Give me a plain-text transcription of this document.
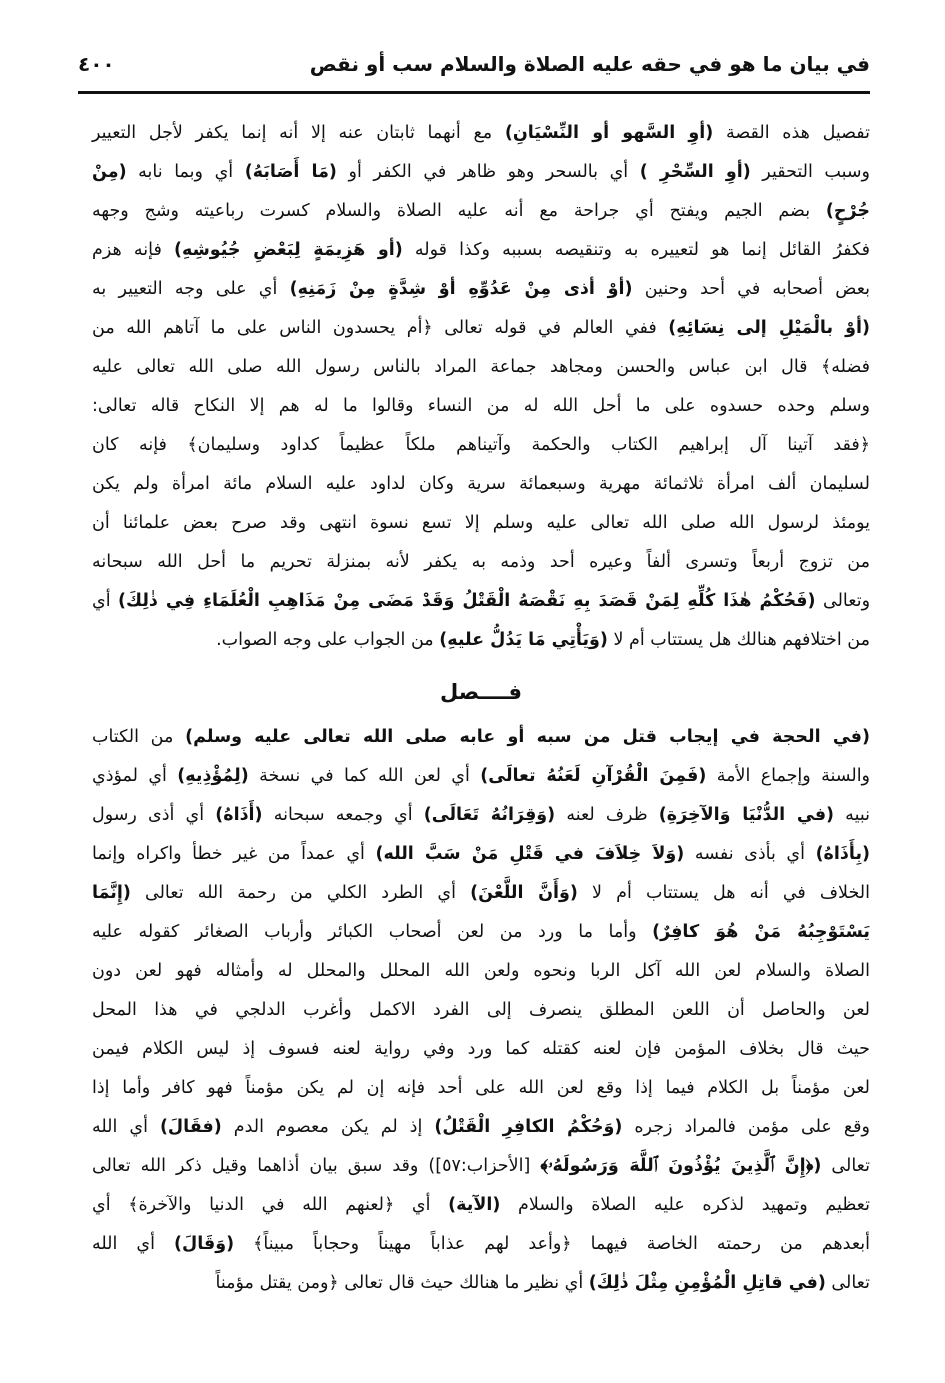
في بيان ما هو في حقه عليه الصلاة والسلام سب أو نقص
٤٠٠
تفصيل هذه القصة (أوِ السَّهو أو النِّسْيَانِ) مع أنهما ثابتان عنه إلا أنه إنما يكفر لأجل التعيير
وسبب التحقير (أوِ السِّحْرِ ) أي بالسحر وهو ظاهر في الكفر أو (مَا أَصَابَهُ) أي وبما نابه (مِنْ
جُرْحٍ) بضم الجيم ويفتح أي جراحة مع أنه عليه الصلاة والسلام كسرت رباعيته وشج وجهه
فكفرُ القائل إنما هو لتعييره به وتنقيصه بسببه وكذا قوله (أو هَزِيمَةٍ لِبَعْضِ جُيُوشِهِ) فإنه هزم
بعض أصحابه في أحد وحنين (أوْ أذى مِنْ عَدُوِّهِ أوْ شِدَّةٍ مِنْ زَمَنِهِ) أي على وجه التعيير به
(أوْ بالْمَيْلِ إلى نِسَائِهِ) ففي العالم في قوله تعالى ﴿أم يحسدون الناس على ما آتاهم الله من
فضله﴾ قال ابن عباس والحسن ومجاهد جماعة المراد بالناس رسول الله صلى الله تعالى عليه
وسلم وحده حسدوه على ما أحل الله له من النساء وقالوا ما له هم إلا النكاح قاله تعالى:
﴿فقد آتينا آل إبراهيم الكتاب والحكمة وآتيناهم ملكاً عظيماً كداود وسليمان﴾ فإنه كان
لسليمان ألف امرأة ثلاثمائة مهرية وسبعمائة سرية وكان لداود عليه السلام مائة امرأة ولم يكن
يومئذ لرسول الله صلى الله تعالى عليه وسلم إلا تسع نسوة انتهى وقد صرح بعض علمائنا أن
من تزوج أربعاً وتسرى ألفاً وعيره أحد وذمه به يكفر لأنه بمنزلة تحريم ما أحل الله سبحانه
وتعالى (فَحُكْمُ هٰذَا كُلِّهِ لِمَنْ قَصَدَ بِهِ نَقْصَهُ الْقَتْلُ وَقَدْ مَضَى مِنْ مَذَاهِبِ الْعُلَمَاءِ فِي ذٰلِكَ) أي
من اختلافهم هنالك هل يستتاب أم لا (وَيَأْتِي مَا يَدُلُّ عليهِ) من الجواب على وجه الصواب.
فــــصل
(في الحجة في إيجاب قتل من سبه أو عابه صلى الله تعالى عليه وسلم) من الكتاب
والسنة وإجماع الأمة (فَمِنَ الْقُرْآنِ لَعَنُهُ تعالَى) أي لعن الله كما في نسخة (لِمُؤْذِيهِ) أي لمؤذي
نبيه (في الدُّنْيَا وَالآخِرَةِ) ظرف لعنه (وَقِرَانُهُ تَعَالَى) أي وجمعه سبحانه (أَذَاهُ) أي أذى رسول
(بِأَذَاهُ) أي بأذى نفسه (وَلاَ خِلاَفَ في قَتْلِ مَنْ سَبَّ الله) أي عمداً من غير خطأ واكراه وإنما
الخلاف في أنه هل يستتاب أم لا (وَأَنَّ اللَّعْنَ) أي الطرد الكلي من رحمة الله تعالى (إِنَّمَا
يَسْتَوْجِبُهُ مَنْ هُوَ كافِرٌ) وأما ما ورد من لعن أصحاب الكبائر وأرباب الصغائر كقوله عليه
الصلاة والسلام لعن الله آكل الربا ونحوه ولعن الله المحلل والمحلل له وأمثاله فهو لعن دون
لعن والحاصل أن اللعن المطلق ينصرف إلى الفرد الاكمل وأغرب الدلجي في هذا المحل
حيث قال بخلاف المؤمن فإن لعنه كقتله كما ورد وفي رواية لعنه فسوف إذ ليس الكلام فيمن
لعن مؤمناً بل الكلام فيما إذا وقع لعن الله على أحد فإنه إن لم يكن مؤمناً فهو كافر وأما إذا
وقع على مؤمن فالمراد زجره (وَحُكْمُ الكافِرِ الْقَتْلُ) إذ لم يكن معصوم الدم (فقَالَ) أي الله
تعالى (﴿إِنَّ ٱلَّذِينَ يُؤْذُونَ ٱللَّهَ وَرَسُولَهُۥ﴾ [الأحزاب:٥٧]) وقد سبق بيان أذاهما وقيل ذكر الله تعالى
تعظيم وتمهيد لذكره عليه الصلاة والسلام (الآية) أي ﴿لعنهم الله في الدنيا والآخرة﴾ أي
أبعدهم من رحمته الخاصة فيهما ﴿وأعد لهم عذاباً مهيناً وحجاباً مبيناً﴾ (وَقَالَ) أي الله
تعالى (في قاتِلِ الْمُؤْمِنِ مِثْلَ ذٰلِكَ) أي نظير ما هنالك حيث قال تعالى ﴿ومن يقتل مؤمناً
